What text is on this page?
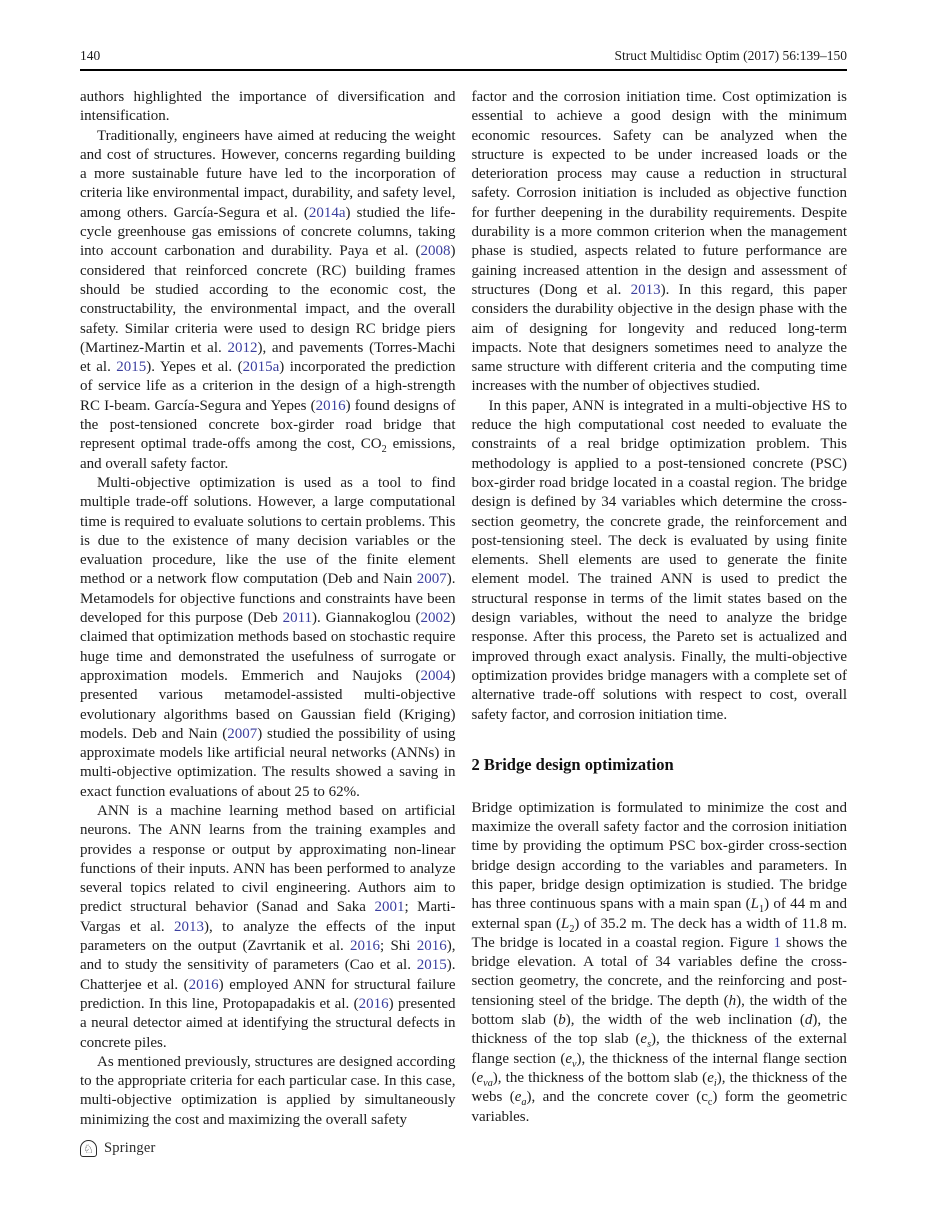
140	Struct Multidisc Optim (2017) 56:139–150

authors highlighted the importance of diversification and intensification.

Traditionally, engineers have aimed at reducing the weight and cost of structures. However, concerns regarding building a more sustainable future have led to the incorporation of criteria like environmental impact, durability, and safety level, among others. García-Segura et al. (2014a) studied the life-cycle greenhouse gas emissions of concrete columns, taking into account carbonation and durability. Paya et al. (2008) considered that reinforced concrete (RC) building frames should be studied according to the economic cost, the constructability, the environmental impact, and the overall safety. Similar criteria were used to design RC bridge piers (Martinez-Martin et al. 2012), and pavements (Torres-Machi et al. 2015). Yepes et al. (2015a) incorporated the prediction of service life as a criterion in the design of a high-strength RC I-beam. García-Segura and Yepes (2016) found designs of the post-tensioned concrete box-girder road bridge that represent optimal trade-offs among the cost, $CO_2$ emissions, and overall safety factor.

Multi-objective optimization is used as a tool to find multiple trade-off solutions. However, a large computational time is required to evaluate solutions to certain problems. This is due to the existence of many decision variables or the evaluation procedure, like the use of the finite element method or a network flow computation (Deb and Nain 2007). Metamodels for objective functions and constraints have been developed for this purpose (Deb 2011). Giannakoglou (2002) claimed that optimization methods based on stochastic require huge time and demonstrated the usefulness of surrogate or approximation models. Emmerich and Naujoks (2004) presented various metamodel-assisted multi-objective evolutionary algorithms based on Gaussian field (Kriging) models. Deb and Nain (2007) studied the possibility of using approximate models like artificial neural networks (ANNs) in multi-objective optimization. The results showed a saving in exact function evaluations of about 25 to 62%.

ANN is a machine learning method based on artificial neurons. The ANN learns from the training examples and provides a response or output by approximating non-linear functions of their inputs. ANN has been performed to analyze several topics related to civil engineering. Authors aim to predict structural behavior (Sanad and Saka 2001; Marti-Vargas et al. 2013), to analyze the effects of the input parameters on the output (Zavrtanik et al. 2016; Shi 2016), and to study the sensitivity of parameters (Cao et al. 2015). Chatterjee et al. (2016) employed ANN for structural failure prediction. In this line, Protopapadakis et al. (2016) presented a neural detector aimed at identifying the structural defects in concrete piles.

As mentioned previously, structures are designed according to the appropriate criteria for each particular case. In this case, multi-objective optimization is applied by simultaneously minimizing the cost and maximizing the overall safety

factor and the corrosion initiation time. Cost optimization is essential to achieve a good design with the minimum economic resources. Safety can be analyzed when the structure is expected to be under increased loads or the deterioration process may cause a reduction in structural safety. Corrosion initiation is included as objective function for further deepening in the durability requirements. Despite durability is a more common criterion when the management phase is studied, aspects related to future performance are gaining increased attention in the design and assessment of structures (Dong et al. 2013). In this regard, this paper considers the durability objective in the design phase with the aim of designing for longevity and reduced long-term impacts. Note that designers sometimes need to analyze the same structure with different criteria and the computing time increases with the number of objectives studied.

In this paper, ANN is integrated in a multi-objective HS to reduce the high computational cost needed to evaluate the constraints of a real bridge optimization problem. This methodology is applied to a post-tensioned concrete (PSC) box-girder road bridge located in a coastal region. The bridge design is defined by 34 variables which determine the cross-section geometry, the concrete grade, the reinforcement and post-tensioning steel. The deck is evaluated by using finite elements. Shell elements are used to generate the finite element model. The trained ANN is used to predict the structural response in terms of the limit states based on the design variables, without the need to analyze the bridge response. After this process, the Pareto set is actualized and improved through exact analysis. Finally, the multi-objective optimization provides bridge managers with a complete set of alternative trade-off solutions with respect to cost, overall safety factor, and corrosion initiation time.

2 Bridge design optimization

Bridge optimization is formulated to minimize the cost and maximize the overall safety factor and the corrosion initiation time by providing the optimum PSC box-girder cross-section bridge design according to the variables and parameters. In this paper, bridge design optimization is studied. The bridge has three continuous spans with a main span $(L_1)$ of 44 m and external span $(L_2)$ of 35.2 m. The deck has a width of 11.8 m. The bridge is located in a coastal region. Figure 1 shows the bridge elevation. A total of 34 variables define the cross-section geometry, the concrete, and the reinforcing and post-tensioning steel of the bridge. The depth (h), the width of the bottom slab (b), the width of the web inclination (d), the thickness of the top slab $(e_s)$, the thickness of the external flange section $(e_v)$, the thickness of the internal flange section $(e_{va})$, the thickness of the bottom slab $(e_i)$, the thickness of the webs $(e_a)$, and the concrete cover $(c_c)$ form the geometric variables.

♘ Springer
